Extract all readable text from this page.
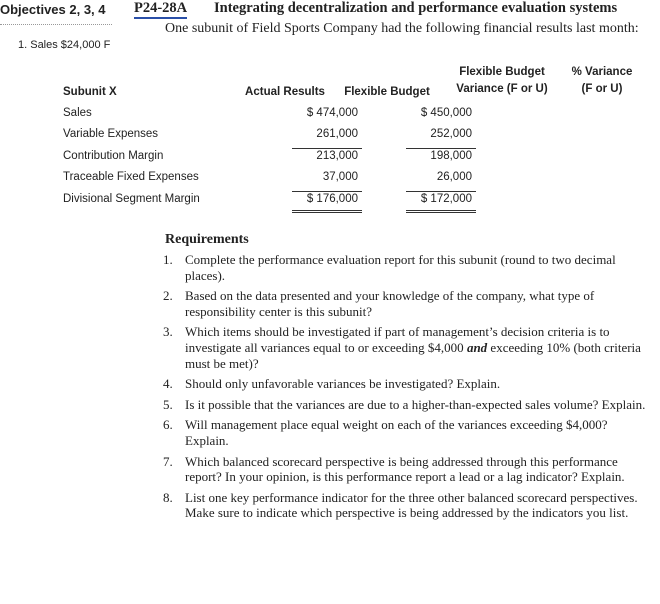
Objectives 2, 3, 4
1. Sales $24,000 F
P24-28A Integrating decentralization and performance evaluation systems
One subunit of Field Sports Company had the following financial results last month:
Subunit X	Actual Results	Flexible Budget
Flexible Budget
Variance (F or U)
% Variance
(F or U)
Sales	$ 474,000	$ 450,000
Variable Expenses	261,000	252,000
Contribution Margin	213,000	198,000
Traceable Fixed Expenses	37,000	26,000
Divisional Segment Margin	$ 176,000	$ 172,000
Requirements
1. Complete the performance evaluation report for this subunit (round to two decimal places).
2. Based on the data presented and your knowledge of the company, what type of responsibility center is this subunit?
3. Which items should be investigated if part of management’s decision criteria is to investigate all variances equal to or exceeding $4,000 and exceeding 10% (both criteria must be met)?
4. Should only unfavorable variances be investigated? Explain.
5. Is it possible that the variances are due to a higher-than-expected sales volume? Explain.
6. Will management place equal weight on each of the variances exceeding $4,000? Explain.
7. Which balanced scorecard perspective is being addressed through this performance report? In your opinion, is this performance report a lead or a lag indicator? Explain.
8. List one key performance indicator for the three other balanced scorecard perspectives. Make sure to indicate which perspective is being addressed by the indicators you list.
